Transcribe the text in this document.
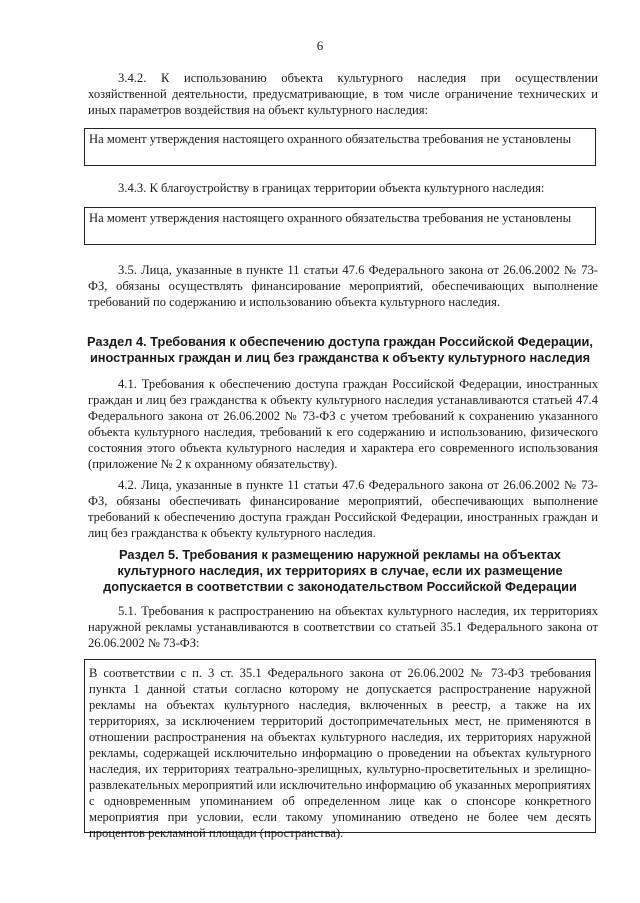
6

3.4.2. К использованию объекта культурного наследия при осуществлении хозяйственной деятельности, предусматривающие, в том числе ограничение технических и иных параметров воздействия на объект культурного наследия:

На момент утверждения настоящего охранного обязательства требования не установлены

3.4.3. К благоустройству в границах территории объекта культурного наследия:

На момент утверждения настоящего охранного обязательства требования не установлены

3.5. Лица, указанные в пункте 11 статьи 47.6 Федерального закона от 26.06.2002 № 73-ФЗ, обязаны осуществлять финансирование мероприятий, обеспечивающих выполнение требований по содержанию и использованию объекта культурного наследия.

Раздел 4. Требования к обеспечению доступа граждан Российской Федерации, иностранных граждан и лиц без гражданства к объекту культурного наследия

4.1. Требования к обеспечению доступа граждан Российской Федерации, иностранных граждан и лиц без гражданства к объекту культурного наследия устанавливаются статьей 47.4 Федерального закона от 26.06.2002 № 73-ФЗ с учетом требований к сохранению указанного объекта культурного наследия, требований к его содержанию и использованию, физического состояния этого объекта культурного наследия и характера его современного использования (приложение № 2 к охранному обязательству).

4.2. Лица, указанные в пункте 11 статьи 47.6 Федерального закона от 26.06.2002 № 73-ФЗ, обязаны обеспечивать финансирование мероприятий, обеспечивающих выполнение требований к обеспечению доступа граждан Российской Федерации, иностранных граждан и лиц без гражданства к объекту культурного наследия.

Раздел 5. Требования к размещению наружной рекламы на объектах культурного наследия, их территориях в случае, если их размещение допускается в соответствии с законодательством Российской Федерации

5.1. Требования к распространению на объектах культурного наследия, их территориях наружной рекламы устанавливаются в соответствии со статьей 35.1 Федерального закона от 26.06.2002 № 73-ФЗ:

В соответствии с п. 3 ст. 35.1 Федерального закона от 26.06.2002 № 73-ФЗ требования пункта 1 данной статьи согласно которому не допускается распространение наружной рекламы на объектах культурного наследия, включенных в реестр, а также на их территориях, за исключением территорий достопримечательных мест, не применяются в отношении распространения на объектах культурного наследия, их территориях наружной рекламы, содержащей исключительно информацию о проведении на объектах культурного наследия, их территориях театрально-зрелищных, культурно-просветительных и зрелищно-развлекательных мероприятий или исключительно информацию об указанных мероприятиях с одновременным упоминанием об определенном лице как о спонсоре конкретного мероприятия при условии, если такому упоминанию отведено не более чем десять процентов рекламной площади (пространства).
